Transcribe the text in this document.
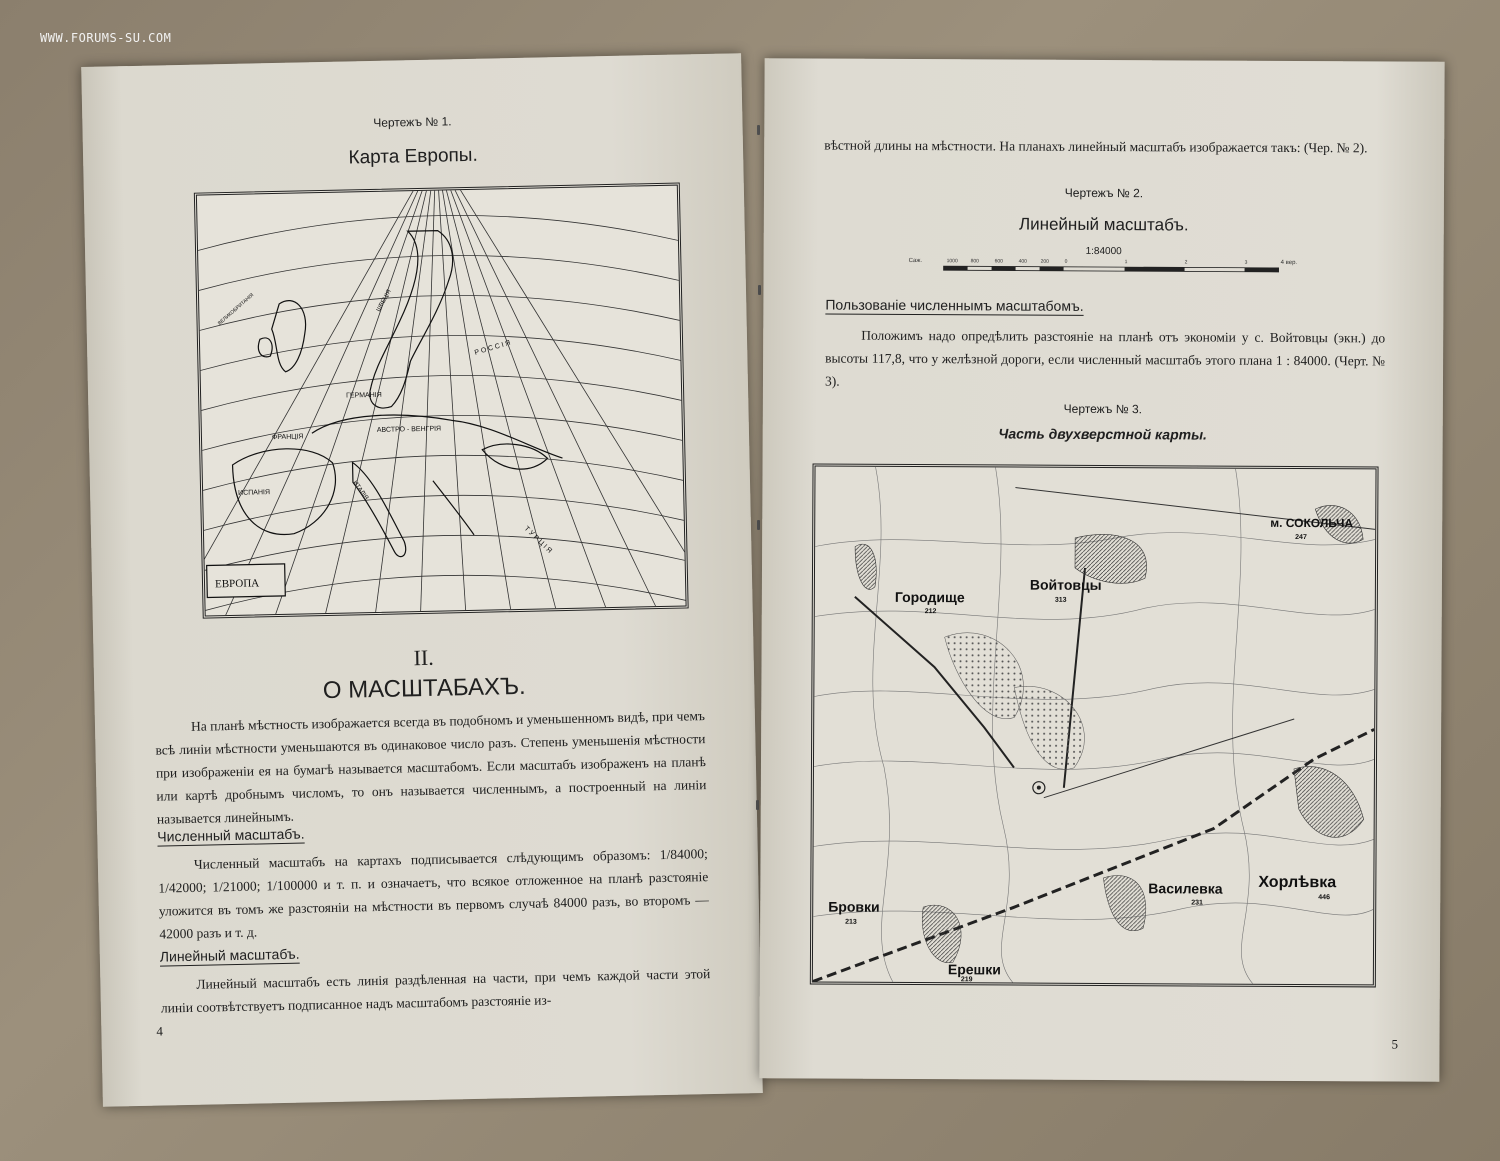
WWW.FORUMS-SU.COM
Чертежъ № 1.
Карта Европы.
Р О С С І Я
ГЕРМАНІЯ
ФРАНЦІЯ
АВСТРО - ВЕНГРІЯ
ИСПАНІЯ
Т У Р Ц І Я
ВЕЛИКОБРИТАНІЯ	ШВЕЦІЯ
ИТАЛІЯ
ЕВРОПА
II.
О МАСШТАБАХЪ.

На планѣ мѣстность изображается всегда въ подобномъ и уменьшенномъ видѣ, при чемъ всѣ линіи мѣстности уменьшаются въ одинаковое число разъ. Степень уменьшенія мѣстности при изображеніи ея на бумагѣ называется масштабомъ. Если масштабъ изображенъ на планѣ или картѣ дробнымъ числомъ, то онъ называется численнымъ, а построенный на линіи называется линейнымъ.

Численный масштабъ.

Численный масштабъ на картахъ подписывается слѣдующимъ образомъ: 1/84000; 1/42000; 1/21000; 1/100000 и т. п. и означаетъ, что всякое отложенное на планѣ разстояніе уложится въ томъ же разстояніи на мѣстности въ первомъ случаѣ 84000 разъ, во второмъ — 42000 разъ и т. д.

Линейный масштабъ.

Линейный масштабъ есть линія раздѣленная на части, при чемъ каждой части этой линіи соотвѣтствуетъ подписанное надъ масштабомъ разстояніе из-

4

вѣстной длины на мѣстности. На планахъ линейный масштабъ изображается такъ: (Чер. № 2).

Чертежъ № 2.
Линейный масштабъ.
1:84000
Саж.	4 вер.
1000	800	600	400	200	0	1	2	3
Пользованіе численнымъ масштабомъ.

Положимъ надо опредѣлить разстояніе на планѣ отъ экономіи у с. Войтовцы (экн.) до высоты 117,8, что у желѣзной дороги, если численный масштабъ этого плана 1 : 84000. (Черт. № 3).

Чертежъ № 3.
Часть двухверстной карты.
м. СОКОЛЬЧА
247
Городище
212
Войтовцы
313
Хорлѣвка
446
Василевка
231
Бровки
213
Ерешки
219
5
